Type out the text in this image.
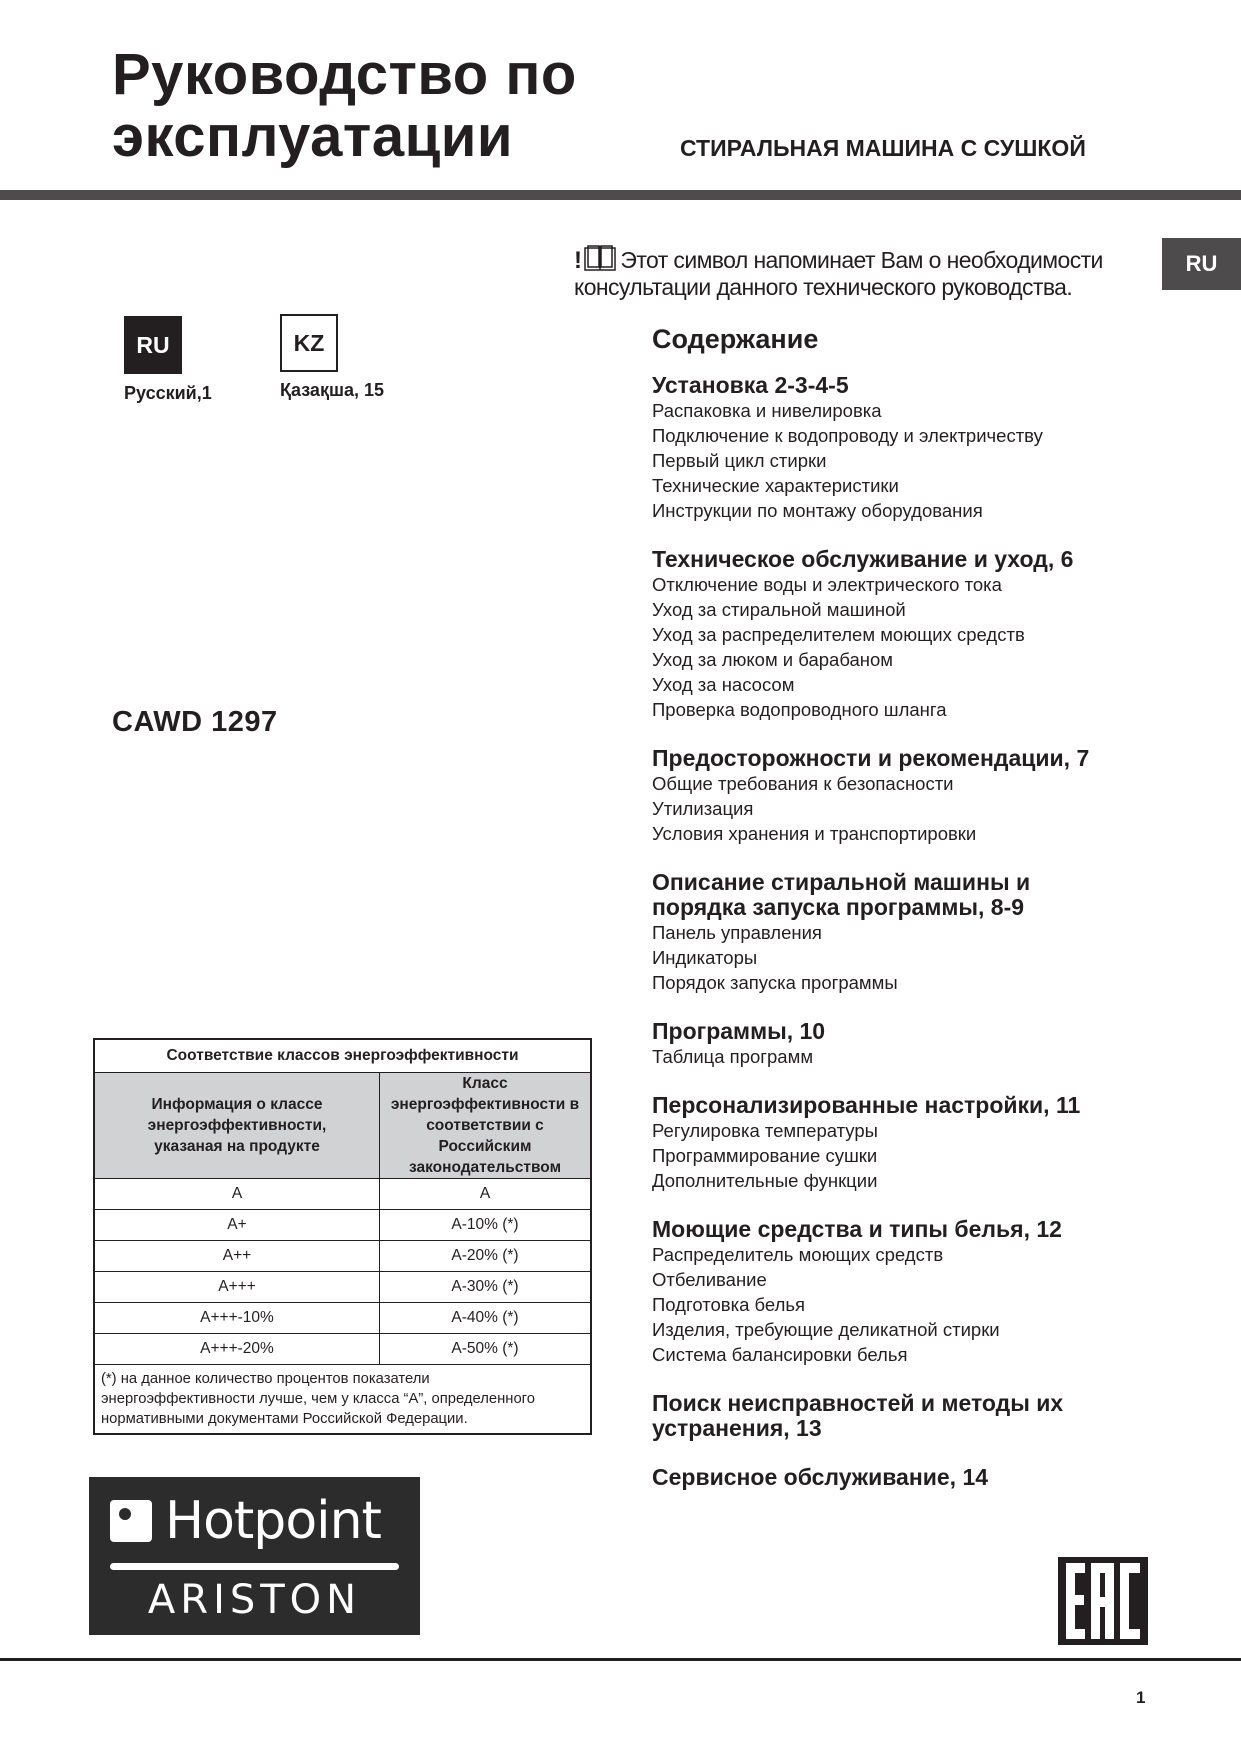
Руководство по
эксплуатации	СТИРАЛЬНАЯ МАШИНА С СУШКОЙ
! Этот символ напоминает Вам о необходимости
консультации данного технического руководства.
RU
RU
Русский,1
KZ
Қазақша, 15
CAWD 1297
Содержание
Установка 2-3-4-5
Распаковка и нивелировка
Подключение к водопроводу и электричеству
Первый цикл стирки
Технические характеристики
Инструкции по монтажу оборудования
Техническое обслуживание и уход, 6
Отключение воды и электрического тока
Уход за стиральной машиной
Уход за распределителем моющих средств
Уход за люком и барабаном
Уход за насосом
Проверка водопроводного шланга
Предосторожности и рекомендации, 7
Общие требования к безопасности
Утилизация
Условия хранения и транспортировки
Описание стиральной машины и порядка запуска программы, 8-9
Панель управления
Индикаторы
Порядок запуска программы
Программы, 10
Таблица программ
Персонализированные настройки, 11
Регулировка температуры
Программирование сушки
Дополнительные функции
Моющие средства и типы белья, 12
Распределитель моющих средств
Отбеливание
Подготовка белья
Изделия, требующие деликатной стирки
Система балансировки белья
Поиск неисправностей и методы их устранения, 13
Сервисное обслуживание, 14
Соответствие классов энергоэффективности	
Информация о классе энергоэффективности, указаная на продукте	Класс энергоэффективности в соответствии с Российским законодательством
A	A
A+	A-10% (*)
A++	A-20% (*)
A+++	A-30% (*)
A+++-10%	A-40% (*)
A+++-20%	A-50% (*)
(*) на данное количество процентов показатели энергоэффективности лучше, чем у класса “A”, определенного нормативными документами Российской Федерации.	
Hotpoint
ARISTON
1
